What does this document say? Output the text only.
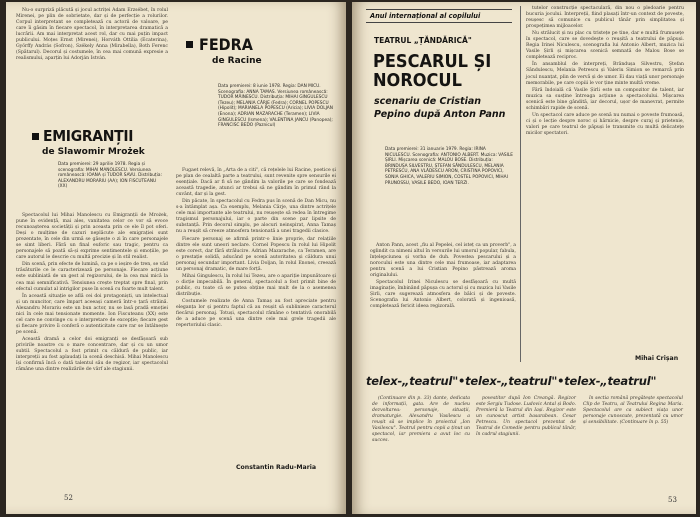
Nu-o surpriză plăcută și jocul actriței Adam Erzsébet, în rolul Mirenei, pe plin de sobrietate, dar și de perfecție a rolurilor. Corpul interpretant se completează cu actorii de valoare, pe care îi găsim în fiecare spectacol, în interpretarea dramatică a lucrării. Am mai interpretat acest rol, dar cu mai puțin impact publicului. Moțes Ernst (Mirenei), Horváth Ottilia (Ecaterina), Györffy András (Sofron), Székely Anna (Mirabella), Both Ferenc (Spătarul). Decorul și costumele, în cea mai comună expresie a realismului, aparțin lui Adorján István.

EMIGRANȚII
de Slawomir Mrożek
Data premierei: 29 aprilie 1978. Regia și scenografia: MIHAI MANOLESCU. Versiunea românească: IOANA și TUDOR SAVU. Distribuția: ALEXANDRU MORARIU (AA); ION FISCUTEANU (XX)

Spectacolul lui Mihai Manolescu cu Emigranții de Mrożek, pune în evidență, mai ales, vanitatea celor ce vor să evoce recunoașterea societății și prin aceasta prin ce ele îl pot oferi. Deși o mulțime de cazuri neplăcute ale emigrației sunt prezentate, în cele din urmă se găsește o zi în care personajele se simt liberi. Fără un final euforic sau tragic, pentru ca personajele să poată să-și exprime sentimentele și emoțiile, pe care autorul le descrie cu multă precizie și în stil realist.

Din scenă, prin efecte de lumină, ca pe o ieșire de tren, se văd trăsăturile ce le caracterizează pe personaje. Fiecare acțiune este subliniată de un gest al regizorului, de la cea mai mică la cea mai semnificativă. Tensiunea crește treptat spre final, prin efectul cumulat al intrigilor puse în scenă cu foarte mult talent.

În această situație se află cei doi protagoniști, un intelectual și un muncitor, care împart aceeași cameră într-o țară străină. Alexandru Morariu este un bun actor, nu se lasă pradă emoției nici în cele mai tensionate momente. Ion Fiscuteanu (XX) este cel care ne convinge cu o interpretare de excepție; fiecare gest și fiecare privire îi conferă o autenticitate care rar se întâlnește pe scenă.

Această dramă a celor doi emigranți se desfășoară sub privirile noastre cu o mare concentrare, dar și cu un umor subtil. Spectacolul a fost primit cu căldură de public, iar interpreții au fost aplaudați la scenă deschisă. Mihai Manolescu își confirmă încă o dată talentul său de regizor, iar spectacolul rămâne una dintre realizările de vârf ale stagiunii.

FEDRA
de Racine
Data premierei: 8 iunie 1978. Regia: DAN MICU. Scenografia: ANNA TAMAS. Versiunea românească: TUDOR MĂINESCU. Distribuția: MIHAI GINGULESCU (Tezeu); MELANIA CÂRJE (Fedra); CORNEL POPESCU (Hipolit); MARIANELA POPESCU (Aricia); LIVIA DOLJAN (Enona); ADRIAN MAZARACHE (Teramen); LIVIA GINGULESCU (Ismena); VALENTINA JANCU (Panopea); FRANCISC BEDO (Paznicul)

Fugaet relevă, în „Arta de a citi", că rețelele lui Racine, poetice și pe plan de cealaltă parte a teatrului, sunt revenite spre sensurile ei esențiale. Dacă ar fi să ne gândim la valorile pe care se fondează această tragedie, atunci ar trebui să ne gândim în primul rând la cuvânt, dar și la gest.

Din păcate, în spectacolul cu Fedra pus în scenă de Dan Micu, nu s-a întâmplat așa. Ca exemplu, Melania Cârje, una dintre actrițele cele mai importante ale teatrului, nu reușește să redea în întregime tragismul personajului, iar o parte din scene par lipsite de substanță. Prin decorul simplu, pe alocuri neinspirat, Anna Tamaș nu a reușit să creeze atmosfera tensionată a unei tragedii clasice.

Fiecare personaj se afirmă printr-o linie proprie, dar relațiile dintre ele sunt uneori neclare. Cornel Popescu în rolul lui Hipolit este corect, dar fără strălucire. Adrian Mazarache, ca Teramen, are o prestație solidă, aducând pe scenă autoritatea și căldura unui personaj secundar important. Livia Doljan, în rolul Enonei, creează un personaj dramatic, de mare forță.

Mihai Gingulescu, în rolul lui Tezeu, are o apariție impunătoare și o dicție impecabilă. În general, spectacolul a fost primit bine de public, cu toate că se putea obține mai mult de la o asemenea distribuție.

Costumele realizate de Anna Tamaș au fost apreciate pentru eleganța lor și pentru faptul că au reușit să sublinieze caracterul fiecărui personaj. Totuși, spectacolul rămâne o tentativă onorabilă de a aduce pe scenă una dintre cele mai grele tragedii ale repertoriului clasic.

Constantin Radu-Maria
52
Anul internațional al copilului
TEATRUL „ȚĂNDĂRICĂ"
PESCARUL ȘI NOROCUL
scenariu de Cristian Pepino după Anton Pann
Data premierei: 31 ianuarie 1979. Regia: IRINA NICULESCU. Scenografia: ANTONIO ALBERT. Muzica: VASILE ȘIRLI. Mișcarea scenică: MALOU BOSE. Distribuția: BRINDUȘA SILVESTRU, ȘTEFAN SĂNDULESCU, MELANIA PETRESCU, ANA VLĂDESCU ARON, CRISTINA POPOVICI, SONIA GHICA, VALERIU SIMION, COSTEL POPOVICI, MIHAI PRUNOSSU, VASILE BEDO, IOAN TERZI.

Anton Pann, acest „fiu al Pepelei, cel isteț ca un proverb", a oglindit ca nimeni altul în versurile lui umorul popular, fabula, înțelepciunea și vorba de duh. Povestea pescarului și a norocului este una dintre cele mai frumoase, iar adaptarea pentru scenă a lui Cristian Pepino păstrează aroma originalului.

Spectacolul Irinei Niculescu se desfășoară cu multă imaginație, îmbinând păpușa cu actorul și cu muzica lui Vasile Șirli, care sugerează atmosfera de bâlci și de poveste. Scenografia lui Antonio Albert, colorată și ingenioasă, completează fericit ideea regizorală.

tutelor construcție spectaculară, din nou o pledoarie pentru bucuria jocului. Interpreții, fiind plasați într-un context de poveste, reușesc să comunice cu publicul tânăr prin simplitatea și prospețimea mijloacelor.

Nu strălucit și nu plac cu tristețe pe tine, dar e multă frumusețe în spectacol, care se dovedește o reușită a teatrului de păpuși. Regia Irinei Niculescu, scenografia lui Antonio Albert, muzica lui Vasile Șirli și mișcarea scenică semnată de Malou Bose se completează reciproc.

În ansamblul de interpreți, Brândușa Silvestru, Ștefan Săndulescu, Melania Petrescu și Valeriu Simion se remarcă prin jocul nuanțat, plin de vervă și de umor. Ei dau viață unor personaje memorabile, pe care copiii le vor ține minte multă vreme.

Fără îndoială că Vasile Șirli este un compozitor de talent, iar muzica sa susține întreaga acțiune a spectacolului. Mișcarea scenică este bine gândită, iar decorul, ușor de manevrat, permite schimbări rapide de scenă.

Un spectacol care aduce pe scenă nu numai o poveste frumoasă, ci și o lecție despre noroc și hărnicie, despre curaj și prietenie, valori pe care teatrul de păpuși le transmite cu multă delicatețe micilor spectatori.

Mihai Crișan
53
telex-„teatrul"•telex-„teatrul"•telex-„teatrul"

(Continuare din p. 33) dante, dedicata de informații, gata. Are de nucleu dezvoltarea: personaje, situații, dramaturgie. Alexandru Vasilescu a reușit să se implice în proiectul „Ion Vasilescu". Teatrul pentru copii a ținut un spectacol, iar premiera a avut loc cu succes.

povestitor după Ion Creangă. Regizor este Sergiu Tudose. Ludovic Antal și Bodo. Premieră la Teatrul din Iași. Regizor este un cunoscut artist basarabean. Cesar Petrescu. Un spectacol prezentat de Teatrul de Comedie pentru publicul tânăr, în cadrul stagiunii.

în sectia română pregătește spectacolul Clip de Teatru, al Teatrului Regina Maria. Spectacolul are ca subiect viața unor personaje cunoscute, prezentată cu umor și sensibilitate. (Continuare în p. 55)
